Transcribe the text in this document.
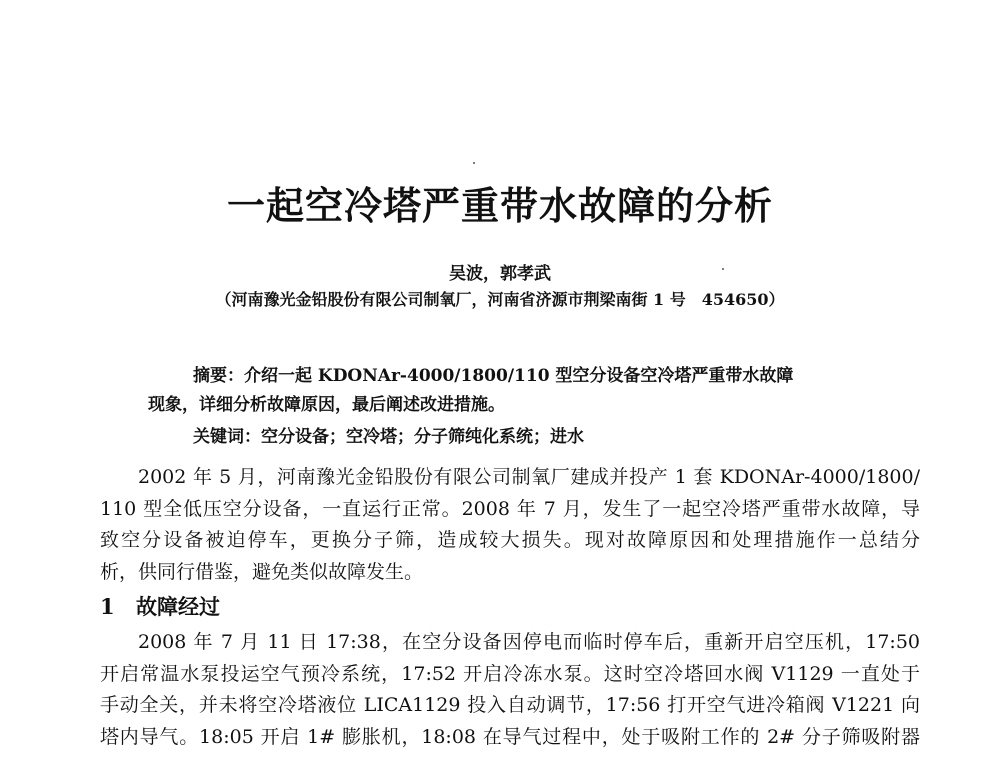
一起空冷塔严重带水故障的分析
吴波，郭孝武
（河南豫光金铅股份有限公司制氧厂，河南省济源市荆梁南街 1 号　454650）
摘要：介绍一起 KDONAr-4000/1800/110 型空分设备空冷塔严重带水故障
现象，详细分析故障原因，最后阐述改进措施。
关键词：空分设备；空冷塔；分子筛纯化系统；进水
2002 年 5 月，河南豫光金铅股份有限公司制氧厂建成并投产 1 套 KDONAr-4000/1800/
110 型全低压空分设备，一直运行正常。2008 年 7 月，发生了一起空冷塔严重带水故障，导
致空分设备被迫停车，更换分子筛，造成较大损失。现对故障原因和处理措施作一总结分
析，供同行借鉴，避免类似故障发生。
1 故障经过
2008 年 7 月 11 日 17:38，在空分设备因停电而临时停车后，重新开启空压机，17:50
开启常温水泵投运空气预冷系统，17:52 开启冷冻水泵。这时空冷塔回水阀 V1129 一直处于
手动全关，并未将空冷塔液位 LICA1129 投入自动调节，17:56 打开空气进冷箱阀 V1221 向
塔内导气。18:05 开启 1# 膨胀机，18:08 在导气过程中，处于吸附工作的 2# 分子筛吸附器
